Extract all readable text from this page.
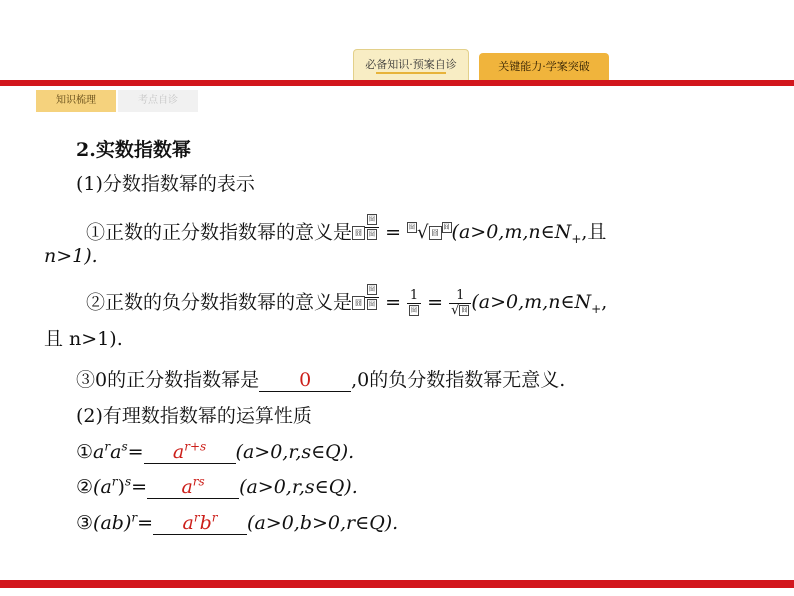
必备知识·预案自诊	关键能力·学案突破
知识梳理	考点自诊
2.实数指数幂
(1)分数指数幂的表示
①正数的正分数指数幂的意义是 囧 $^{\frac{\text{囧}}{\text{囧}}}$ = $^囧$ √ 囧$^囧$ ($a>0,m,n\in N_+$,且
n>1).
②正数的负分数指数幂的意义是 囧 $^{\frac{\text{囧}}{\text{囧}}} = \frac{1}{\text{囧}} = \frac{1}{\text{√ 囧}}$ ($a>0,m,n\in N_+$,
且 n>1).
③0的正分数指数幂是 0 ,0的负分数指数幂无意义.
(2)有理数指数幂的运算性质
$①a^ra^s= a^{r+s}$ (a>0,r,s∈Q).
$②(a^r)^s= a^{rs}$ (a>0,r,s∈Q).
③(ab)$^r$= $a^rb^r$ (a>0,b>0,r∈Q).
